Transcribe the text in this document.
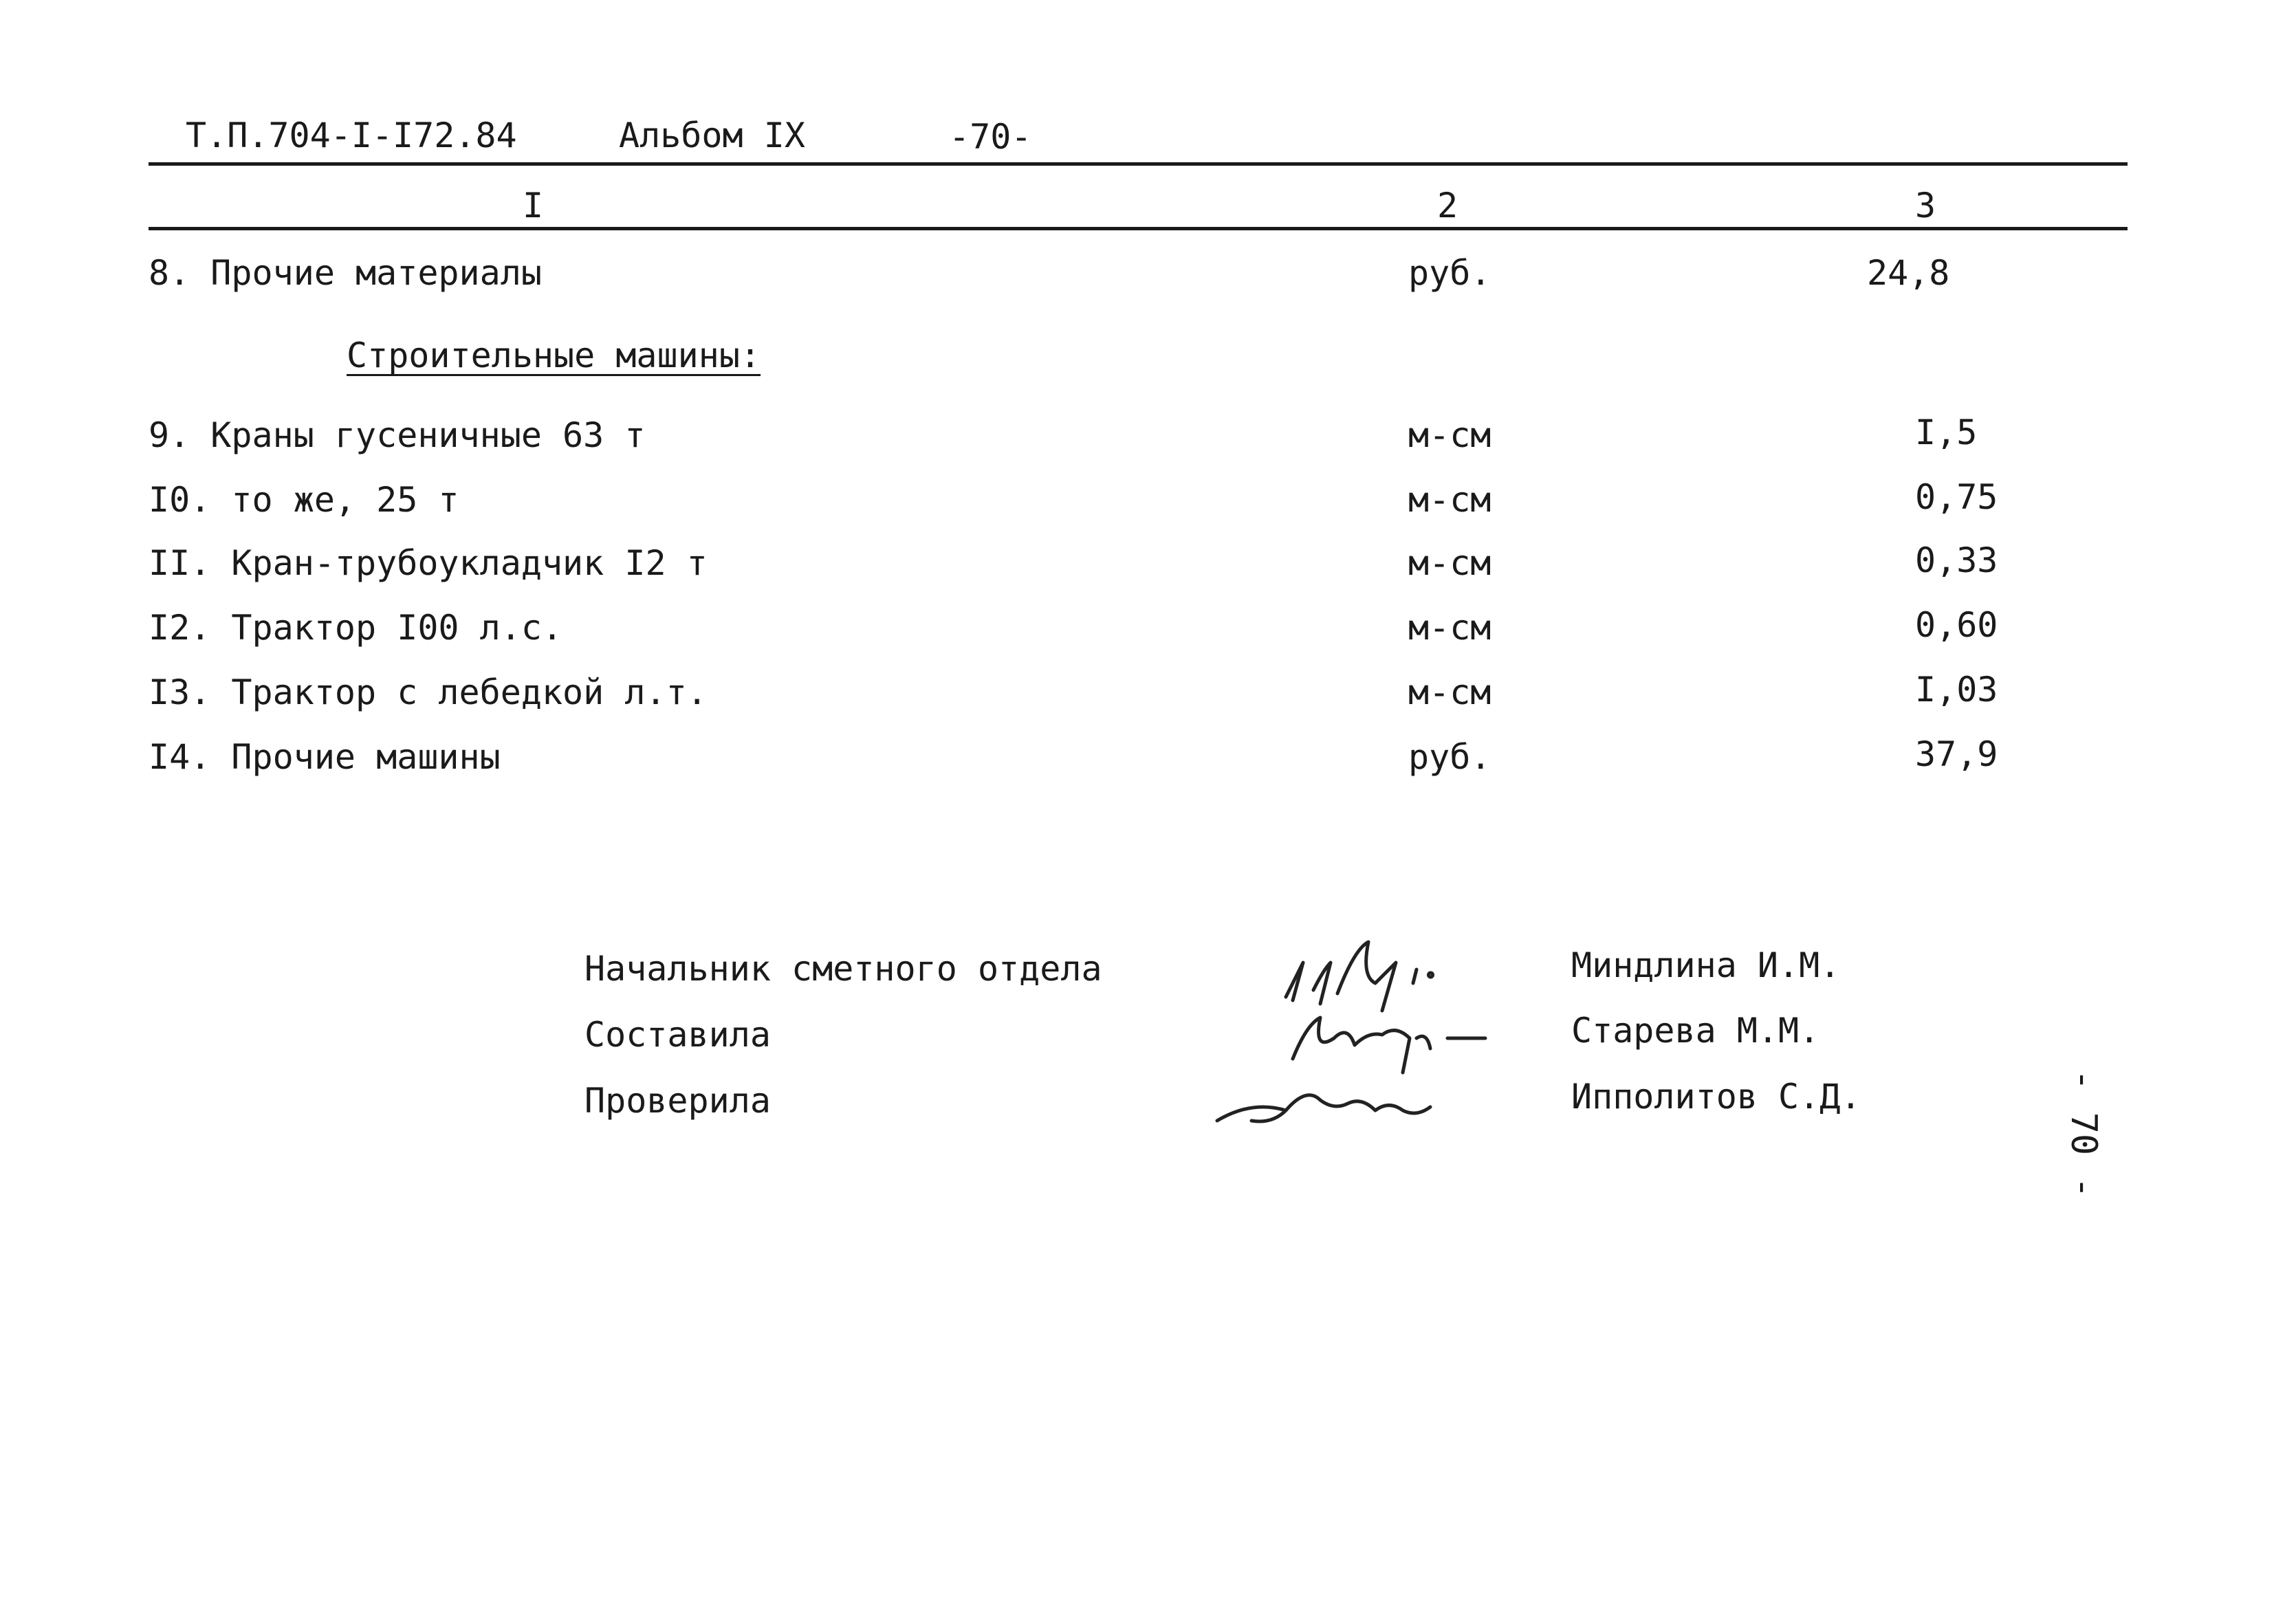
Т.П.704-I-I72.84	Альбом IX	-70-
I	2	3
8. Прочие материалы	руб.	24,8
Строительные машины:
9. Краны гусеничные 63 т	м-см	I,5
I0. то же, 25 т	м-см	0,75
II. Кран-трубоукладчик I2 т	м-см	0,33
I2. Трактор I00 л.с.	м-см	0,60
I3. Трактор с лебедкой л.т.	м-см	I,03
I4. Прочие машины	руб.	37,9
Начальник сметного отдела	Миндлина И.М.
Составила	Старева М.М.
Проверила	Ипполитов С.Д.	- 70 -
